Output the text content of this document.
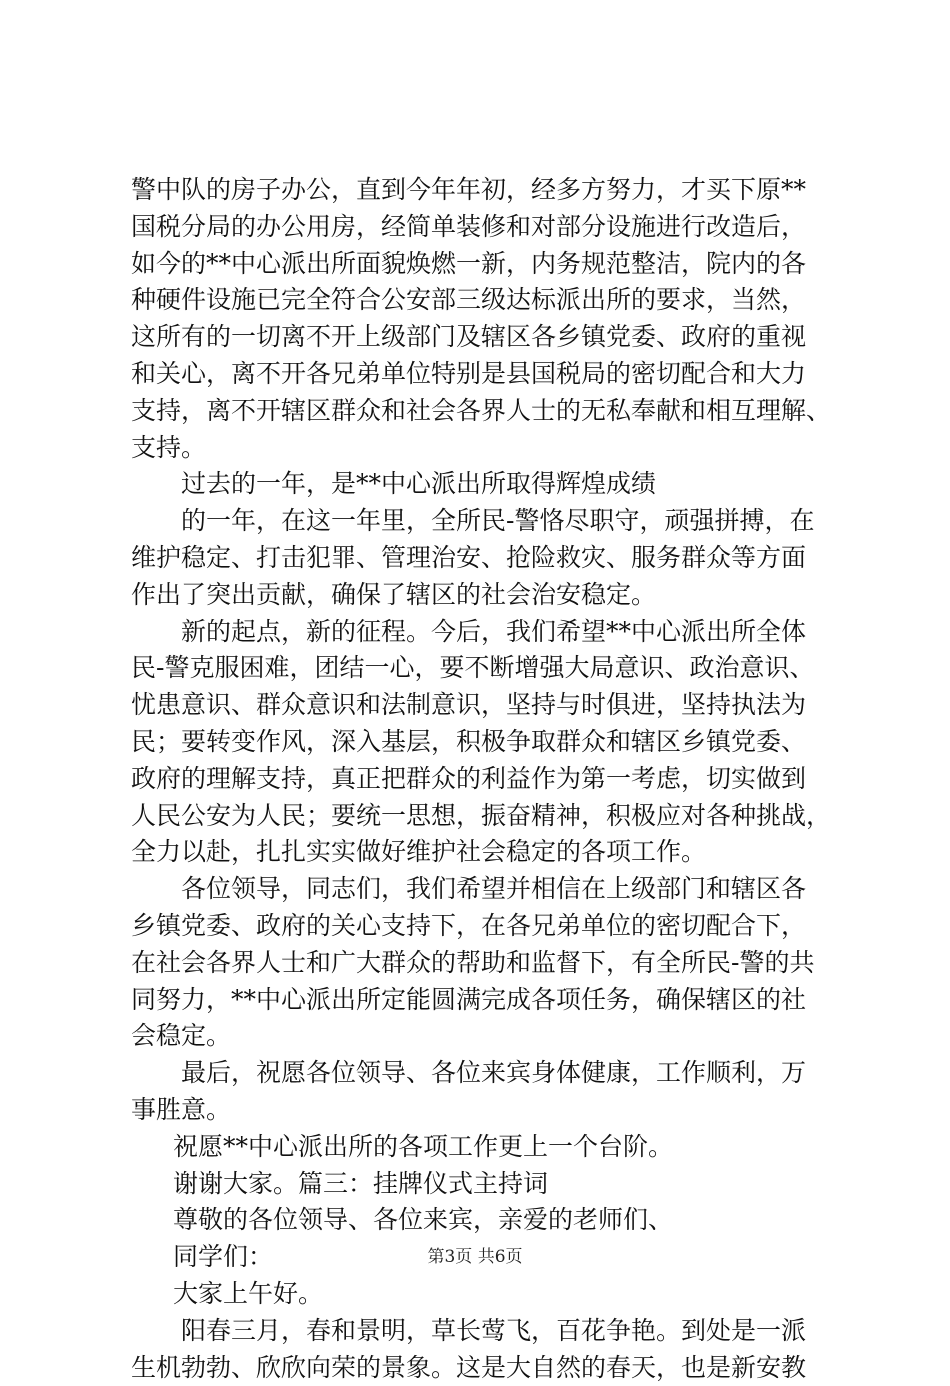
警中队的房子办公，直到今年年初，经多方努力，才买下原**
国税分局的办公用房，经简单装修和对部分设施进行改造后，
如今的**中心派出所面貌焕燃一新，内务规范整洁，院内的各
种硬件设施已完全符合公安部三级达标派出所的要求，当然，
这所有的一切离不开上级部门及辖区各乡镇党委、政府的重视
和关心，离不开各兄弟单位特别是县国税局的密切配合和大力
支持，离不开辖区群众和社会各界人士的无私奉献和相互理解、
支持。
过去的一年，是**中心派出所取得辉煌成绩
的一年，在这一年里，全所民-警恪尽职守，顽强拼搏，在
维护稳定、打击犯罪、管理治安、抢险救灾、服务群众等方面
作出了突出贡献，确保了辖区的社会治安稳定。
新的起点，新的征程。今后，我们希望**中心派出所全体
民-警克服困难，团结一心，要不断增强大局意识、政治意识、
忧患意识、群众意识和法制意识，坚持与时俱进，坚持执法为
民；要转变作风，深入基层，积极争取群众和辖区乡镇党委、
政府的理解支持，真正把群众的利益作为第一考虑，切实做到
人民公安为人民；要统一思想，振奋精神，积极应对各种挑战，
全力以赴，扎扎实实做好维护社会稳定的各项工作。
各位领导，同志们，我们希望并相信在上级部门和辖区各
乡镇党委、政府的关心支持下，在各兄弟单位的密切配合下，
在社会各界人士和广大群众的帮助和监督下，有全所民-警的共
同努力，**中心派出所定能圆满完成各项任务，确保辖区的社
会稳定。
最后，祝愿各位领导、各位来宾身体健康，工作顺利，万
事胜意。
祝愿**中心派出所的各项工作更上一个台阶。
谢谢大家。篇三：挂牌仪式主持词
尊敬的各位领导、各位来宾，亲爱的老师们、
同学们：
大家上午好。
阳春三月，春和景明，草长莺飞，百花争艳。到处是一派
生机勃勃、欣欣向荣的景象。这是大自然的春天，也是新安教
第3页 共6页
